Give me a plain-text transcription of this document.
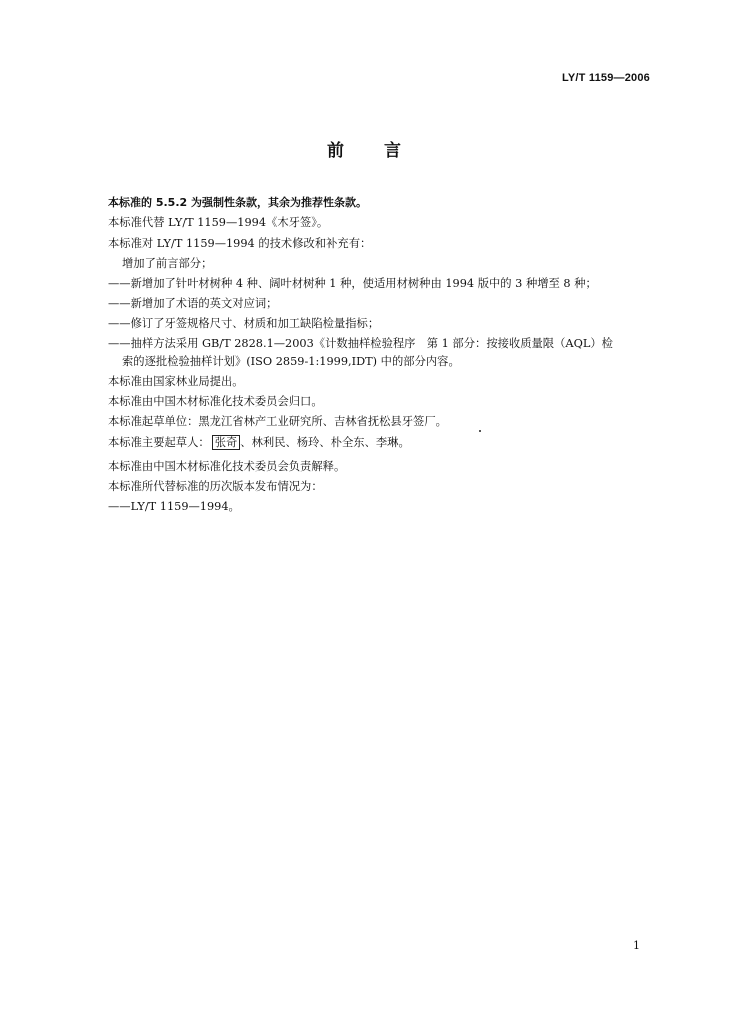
LY/T 1159—2006
前 言
本标准的 5.5.2 为强制性条款，其余为推荐性条款。
本标准代替 LY/T 1159—1994《木牙签》。
本标准对 LY/T 1159—1994 的技术修改和补充有：
增加了前言部分；
——新增加了针叶材树种 4 种、阔叶材树种 1 种，使适用材树种由 1994 版中的 3 种增至 8 种；
——新增加了术语的英文对应词；
——修订了牙签规格尺寸、材质和加工缺陷检量指标；
——抽样方法采用 GB/T 2828.1—2003《计数抽样检验程序　第 1 部分：按接收质量限（AQL）检
索的逐批检验抽样计划》(ISO 2859-1:1999,IDT) 中的部分内容。
本标准由国家林业局提出。
本标准由中国木材标准化技术委员会归口。
本标准起草单位：黑龙江省林产工业研究所、吉林省抚松县牙签厂。
本标准主要起草人： 张奇 、林利民、杨玲、朴全东、李琳。
本标准由中国木材标准化技术委员会负责解释。
本标准所代替标准的历次版本发布情况为：
——LY/T 1159—1994。
1
